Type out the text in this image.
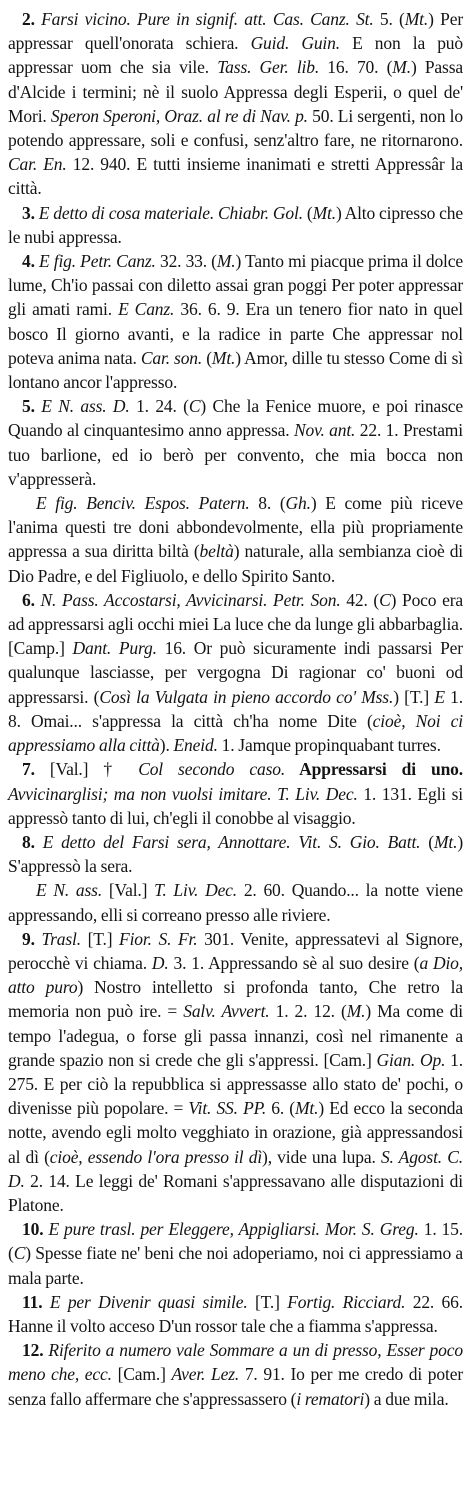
2. Farsi vicino. Pure in signif. att. Cas. Canz. St. 5. (Mt.) Per appressar quell'onorata schiera. Guid. Guin. E non la può appressar uom che sia vile. Tass. Ger. lib. 16. 70. (M.) Passa d'Alcide i termini; nè il suolo Appressa degli Esperii, o quel de' Mori. Speron Speroni, Oraz. al re di Nav. p. 50. Li sergenti, non lo potendo appressare, soli e confusi, senz'altro fare, ne ritornarono. Car. En. 12. 940. E tutti insieme inanimati e stretti Appressâr la città.

3. E detto di cosa materiale. Chiabr. Gol. (Mt.) Alto cipresso che le nubi appressa.

4. E fig. Petr. Canz. 32. 33. (M.) Tanto mi piacque prima il dolce lume, Ch'io passai con diletto assai gran poggi Per poter appressar gli amati rami. E Canz. 36. 6. 9. Era un tenero fior nato in quel bosco Il giorno avanti, e la radice in parte Che appressar nol poteva anima nata. Car. son. (Mt.) Amor, dille tu stesso Come di sì lontano ancor l'appresso.

5. E N. ass. D. 1. 24. (C) Che la Fenice muore, e poi rinasce Quando al cinquantesimo anno appressa. Nov. ant. 22. 1. Prestami tuo barlione, ed io berò per convento, che mia bocca non v'appresserà.

E fig. Benciv. Espos. Patern. 8. (Gh.) E come più riceve l'anima questi tre doni abbondevolmente, ella più propriamente appressa a sua diritta biltà (beltà) naturale, alla sembianza cioè di Dio Padre, e del Figliuolo, e dello Spirito Santo.

6. N. Pass. Accostarsi, Avvicinarsi. Petr. Son. 42. (C) Poco era ad appressarsi agli occhi miei La luce che da lunge gli abbarbaglia. [Camp.] Dant. Purg. 16. Or può sicuramente indi passarsi Per qualunque lasciasse, per vergogna Di ragionar co' buoni od appressarsi. (Così la Vulgata in pieno accordo co' Mss.) [T.] E 1. 8. Omai... s'appressa la città ch'ha nome Dite (cioè, Noi ci appressiamo alla città). Eneid. 1. Jamque propinquabant turres.

7. [Val.] † Col secondo caso. Appressarsi di uno. Avvicinarglisi; ma non vuolsi imitare. T. Liv. Dec. 1. 131. Egli si appressò tanto di lui, ch'egli il conobbe al visaggio.

8. E detto del Farsi sera, Annottare. Vit. S. Gio. Batt. (Mt.) S'appressò la sera.

E N. ass. [Val.] T. Liv. Dec. 2. 60. Quando... la notte viene appressando, elli si correano presso alle riviere.

9. Trasl. [T.] Fior. S. Fr. 301. Venite, appressatevi al Signore, perocchè vi chiama. D. 3. 1. Appressando sè al suo desire (a Dio, atto puro) Nostro intelletto si profonda tanto, Che retro la memoria non può ire. = Salv. Avvert. 1. 2. 12. (M.) Ma come di tempo l'adegua, o forse gli passa innanzi, così nel rimanente a grande spazio non si crede che gli s'appressi. [Cam.] Gian. Op. 1. 275. E per ciò la repubblica si appressasse allo stato de' pochi, o divenisse più popolare. = Vit. SS. PP. 6. (Mt.) Ed ecco la seconda notte, avendo egli molto vegghiato in orazione, già appressandosi al dì (cioè, essendo l'ora presso il dì), vide una lupa. S. Agost. C. D. 2. 14. Le leggi de' Romani s'appressavano alle disputazioni di Platone.

10. E pure trasl. per Eleggere, Appigliarsi. Mor. S. Greg. 1. 15. (C) Spesse fiate ne' beni che noi adoperiamo, noi ci appressiamo a mala parte.

11. E per Divenir quasi simile. [T.] Fortig. Ricciard. 22. 66. Hanne il volto acceso D'un rossor tale che a fiamma s'appressa.

12. Riferito a numero vale Sommare a un di presso, Esser poco meno che, ecc. [Cam.] Aver. Lez. 7. 91. Io per me credo di poter senza fallo affermare che s'appressassero (i rematori) a due mila.
